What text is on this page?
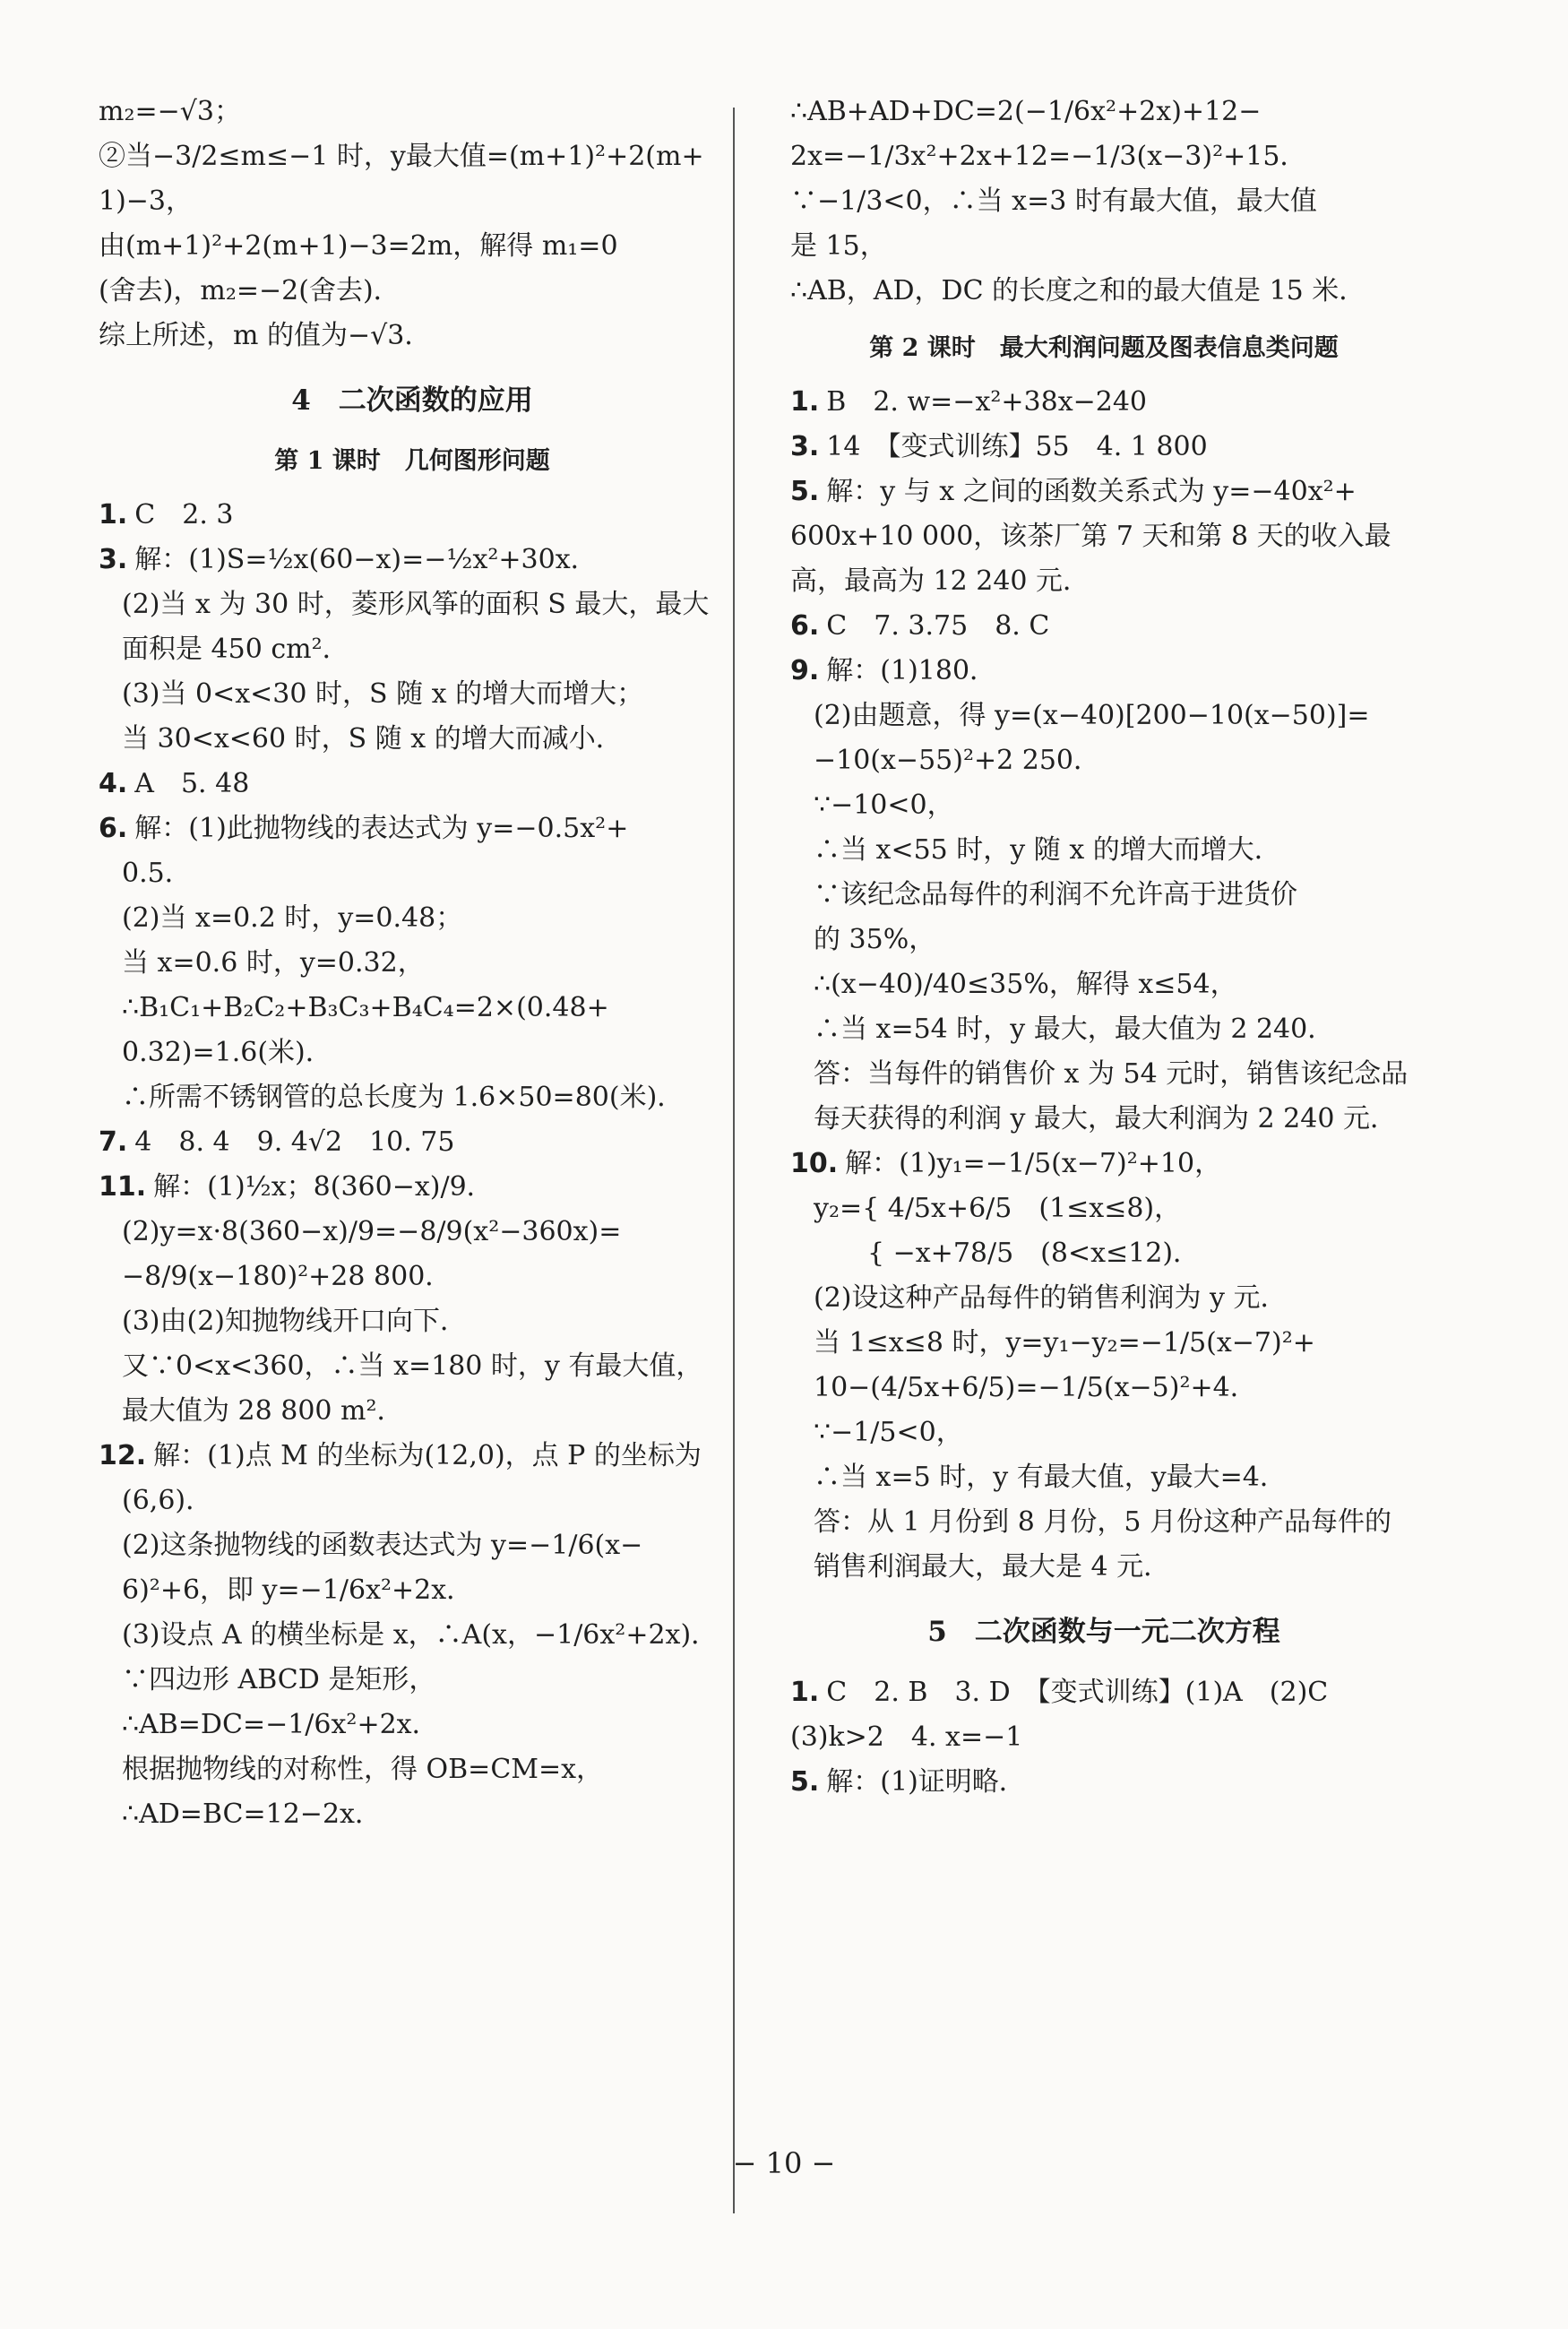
m₂=−√3；
②当−3/2≤m≤−1 时，y最大值=(m+1)²+2(m+
1)−3，
由(m+1)²+2(m+1)−3=2m，解得 m₁=0
(舍去)，m₂=−2(舍去)．
综上所述，m 的值为−√3．
4　二次函数的应用
第 1 课时　几何图形问题
1. C　2. 3
3. 解：(1)S=½x(60−x)=−½x²+30x．
(2)当 x 为 30 时，菱形风筝的面积 S 最大，最大
面积是 450 cm²．
(3)当 0<x<30 时，S 随 x 的增大而增大；
当 30<x<60 时，S 随 x 的增大而减小．
4. A　5. 48
6. 解：(1)此抛物线的表达式为 y=−0.5x²+
0.5．
(2)当 x=0.2 时，y=0.48；
当 x=0.6 时，y=0.32，
∴B₁C₁+B₂C₂+B₃C₃+B₄C₄=2×(0.48+
0.32)=1.6(米)．
∴所需不锈钢管的总长度为 1.6×50=80(米)．
7. 4　8. 4　9. 4√2　10. 75
11. 解：(1)½x；8(360−x)/9．
(2)y=x·8(360−x)/9=−8/9(x²−360x)=
−8/9(x−180)²+28 800．
(3)由(2)知抛物线开口向下．
又∵0<x<360，∴当 x=180 时，y 有最大值，
最大值为 28 800 m²．
12. 解：(1)点 M 的坐标为(12,0)，点 P 的坐标为
(6,6)．
(2)这条抛物线的函数表达式为 y=−1/6(x−
6)²+6，即 y=−1/6x²+2x．
(3)设点 A 的横坐标是 x，∴A(x，−1/6x²+2x)．
∵四边形 ABCD 是矩形，
∴AB=DC=−1/6x²+2x．
根据抛物线的对称性，得 OB=CM=x，
∴AD=BC=12−2x．
∴AB+AD+DC=2(−1/6x²+2x)+12−
2x=−1/3x²+2x+12=−1/3(x−3)²+15．
∵−1/3<0，∴当 x=3 时有最大值，最大值
是 15，
∴AB，AD，DC 的长度之和的最大值是 15 米．
第 2 课时　最大利润问题及图表信息类问题
1. B　2. w=−x²+38x−240
3. 14　【变式训练】55　4. 1 800
5. 解：y 与 x 之间的函数关系式为 y=−40x²+
600x+10 000，该茶厂第 7 天和第 8 天的收入最
高，最高为 12 240 元．
6. C　7. 3.75　8. C
9. 解：(1)180．
(2)由题意，得 y=(x−40)[200−10(x−50)]=
−10(x−55)²+2 250．
∵−10<0，
∴当 x<55 时，y 随 x 的增大而增大．
∵该纪念品每件的利润不允许高于进货价
的 35%，
∴(x−40)/40≤35%，解得 x≤54，
∴当 x=54 时，y 最大，最大值为 2 240．
答：当每件的销售价 x 为 54 元时，销售该纪念品
每天获得的利润 y 最大，最大利润为 2 240 元．
10. 解：(1)y₁=−1/5(x−7)²+10，
y₂={ 4/5x+6/5　(1≤x≤8)，
　　{ −x+78/5　(8<x≤12)．
(2)设这种产品每件的销售利润为 y 元．
当 1≤x≤8 时，y=y₁−y₂=−1/5(x−7)²+
10−(4/5x+6/5)=−1/5(x−5)²+4．
∵−1/5<0，
∴当 x=5 时，y 有最大值，y最大=4．
答：从 1 月份到 8 月份，5 月份这种产品每件的
销售利润最大，最大是 4 元．
5　二次函数与一元二次方程
1. C　2. B　3. D　【变式训练】(1)A　(2)C
(3)k>2　4. x=−1
5. 解：(1)证明略．
− 10 −
